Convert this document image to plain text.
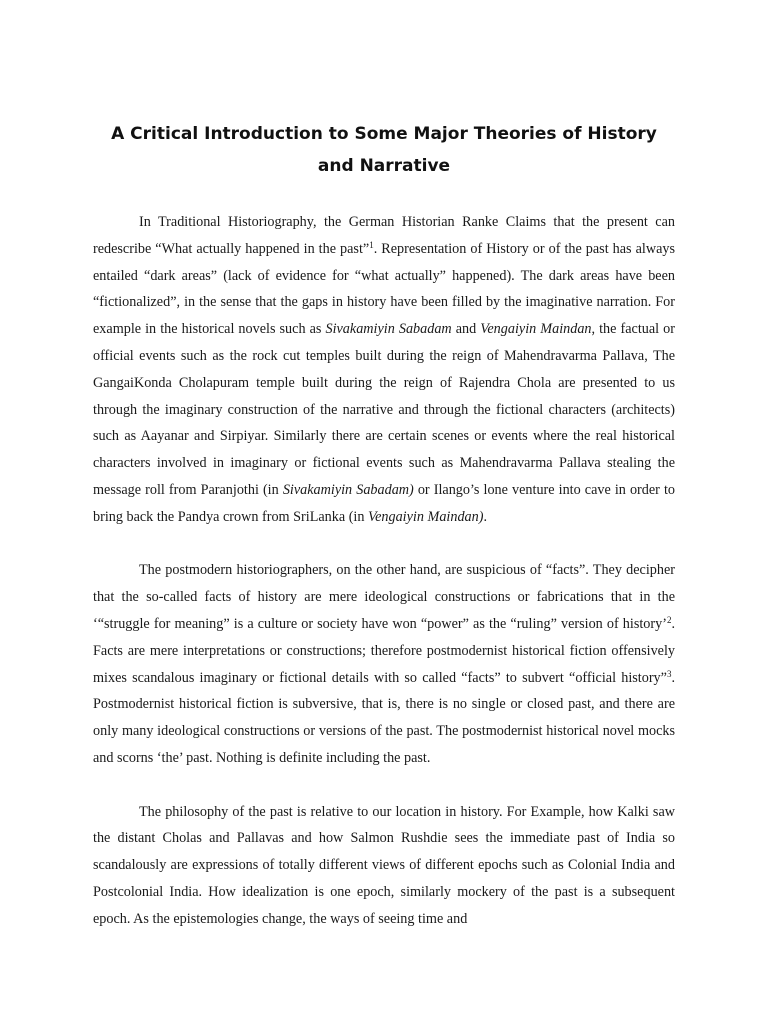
A Critical Introduction to Some Major Theories of History
and Narrative

In Traditional Historiography, the German Historian Ranke Claims that the present can redescribe “What actually happened in the past”$^1$. Representation of History or of the past has always entailed “dark areas” (lack of evidence for “what actually” happened). The dark areas have been “fictionalized”, in the sense that the gaps in history have been filled by the imaginative narration. For example in the historical novels such as Sivakamiyin Sabadam and Vengaiyin Maindan, the factual or official events such as the rock cut temples built during the reign of Mahendravarma Pallava, The GangaiKonda Cholapuram temple built during the reign of Rajendra Chola are presented to us through the imaginary construction of the narrative and through the fictional characters (architects) such as Aayanar and Sirpiyar. Similarly there are certain scenes or events where the real historical characters involved in imaginary or fictional events such as Mahendravarma Pallava stealing the message roll from Paranjothi (in Sivakamiyin Sabadam) or Ilango’s lone venture into cave in order to bring back the Pandya crown from SriLanka (in Vengaiyin Maindan).

The postmodern historiographers, on the other hand, are suspicious of “facts”. They decipher that the so-called facts of history are mere ideological constructions or fabrications that in the ‘“struggle for meaning” is a culture or society have won “power” as the “ruling” version of history’$^2$. Facts are mere interpretations or constructions; therefore postmodernist historical fiction offensively mixes scandalous imaginary or fictional details with so called “facts” to subvert “official history”$^3$. Postmodernist historical fiction is subversive, that is, there is no single or closed past, and there are only many ideological constructions or versions of the past. The postmodernist historical novel mocks and scorns ‘the’ past. Nothing is definite including the past.

The philosophy of the past is relative to our location in history. For Example, how Kalki saw the distant Cholas and Pallavas and how Salmon Rushdie sees the immediate past of India so scandalously are expressions of totally different views of different epochs such as Colonial India and Postcolonial India. How idealization is one epoch, similarly mockery of the past is a subsequent epoch. As the epistemologies change, the ways of seeing time and
